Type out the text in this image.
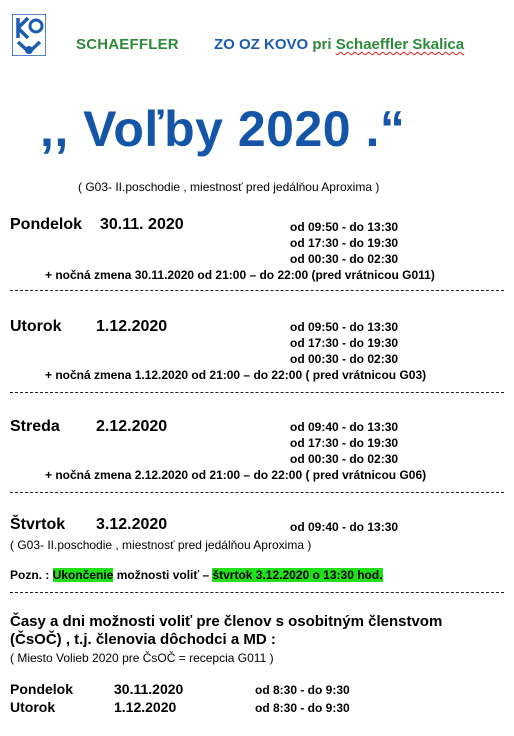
SCHAEFFLER ZO OZ KOVO pri Schaeffler Skalica
,, Voľby 2020 .“
( G03- II.poschodie , miestnosť pred jedálňou Aproxima )
Pondelok 30.11. 2020	od 09:50 - do 13:30
od 17:30 - do 19:30
od 00:30 - do 02:30
+ nočná zmena 30.11.2020 od 21:00 – do 22:00 (pred vrátnicou G011)
Utorok 1.12.2020	od 09:50 - do 13:30
od 17:30 - do 19:30
od 00:30 - do 02:30
+ nočná zmena 1.12.2020 od 21:00 – do 22:00 ( pred vrátnicou G03)
Streda 2.12.2020	od 09:40 - do 13:30
od 17:30 - do 19:30
od 00:30 - do 02:30
+ nočná zmena 2.12.2020 od 21:00 – do 22:00 ( pred vrátnicou G06)
Štvrtok 3.12.2020	od 09:40 - do 13:30
( G03- II.poschodie , miestnosť pred jedálňou Aproxima )
Pozn. : Ukončenie možnosti voliť – štvrtok 3.12.2020 o 13:30 hod.
Časy a dni možnosti voliť pre členov s osobitným členstvom (ČsOČ) , t.j. členovia dôchodci a MD :
( Miesto Volieb 2020 pre ČsOČ = recepcia G011 )
Pondelok	30.11.2020	od 8:30 - do 9:30
Utorok	1.12.2020	od 8:30 - do 9:30
